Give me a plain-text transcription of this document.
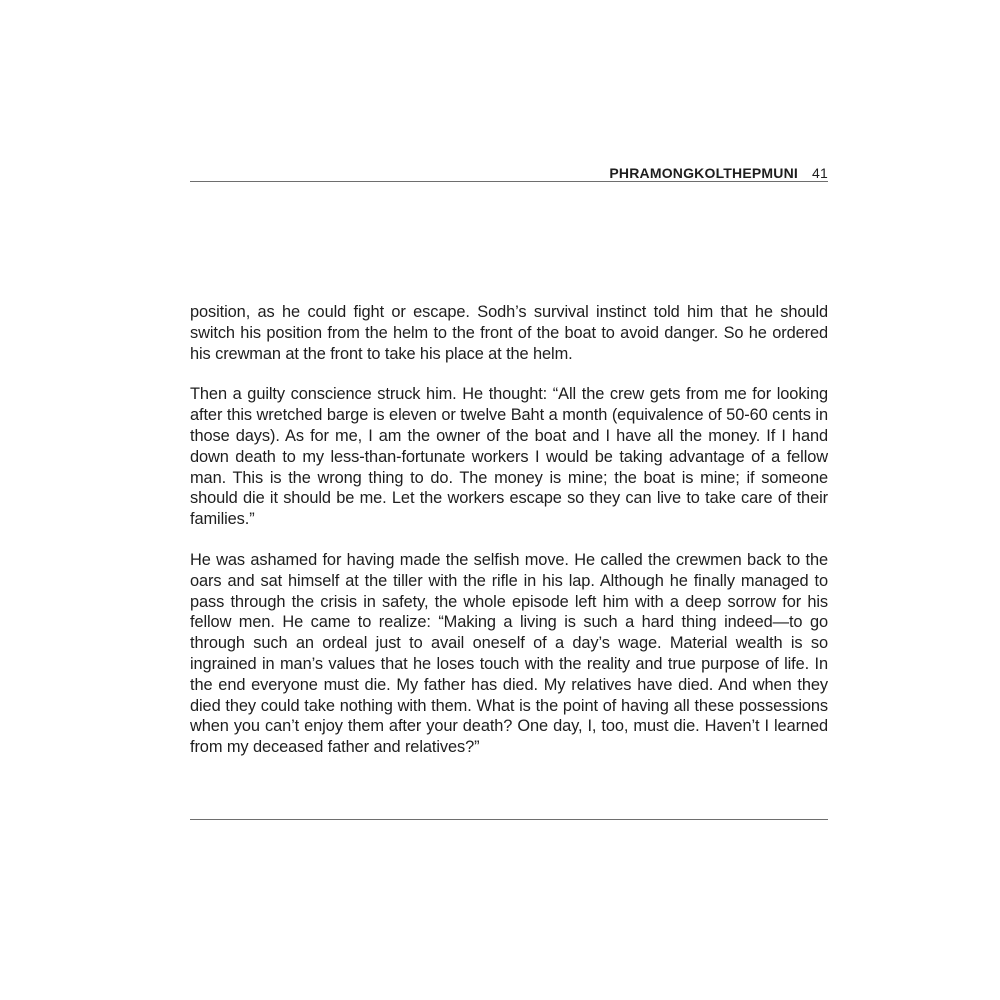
PHRAMONGKOLTHEPMUNI 41

position, as he could fight or escape. Sodh’s survival instinct told him that he should switch his position from the helm to the front of the boat to avoid danger. So he ordered his crewman at the front to take his place at the helm.

Then a guilty conscience struck him. He thought: “All the crew gets from me for looking after this wretched barge is eleven or twelve Baht a month (equivalence of 50-60 cents in those days). As for me, I am the owner of the boat and I have all the money. If I hand down death to my less-than-fortunate workers I would be taking advantage of a fellow man. This is the wrong thing to do. The money is mine; the boat is mine; if someone should die it should be me. Let the workers escape so they can live to take care of their families.”

He was ashamed for having made the selfish move. He called the crewmen back to the oars and sat himself at the tiller with the rifle in his lap. Although he finally managed to pass through the crisis in safety, the whole episode left him with a deep sorrow for his fellow men. He came to realize: “Making a living is such a hard thing indeed—to go through such an ordeal just to avail oneself of a day’s wage. Material wealth is so ingrained in man’s values that he loses touch with the reality and true purpose of life. In the end everyone must die. My father has died. My relatives have died. And when they died they could take nothing with them. What is the point of having all these possessions when you can’t enjoy them after your death? One day, I, too, must die. Haven’t I learned from my deceased father and relatives?”
